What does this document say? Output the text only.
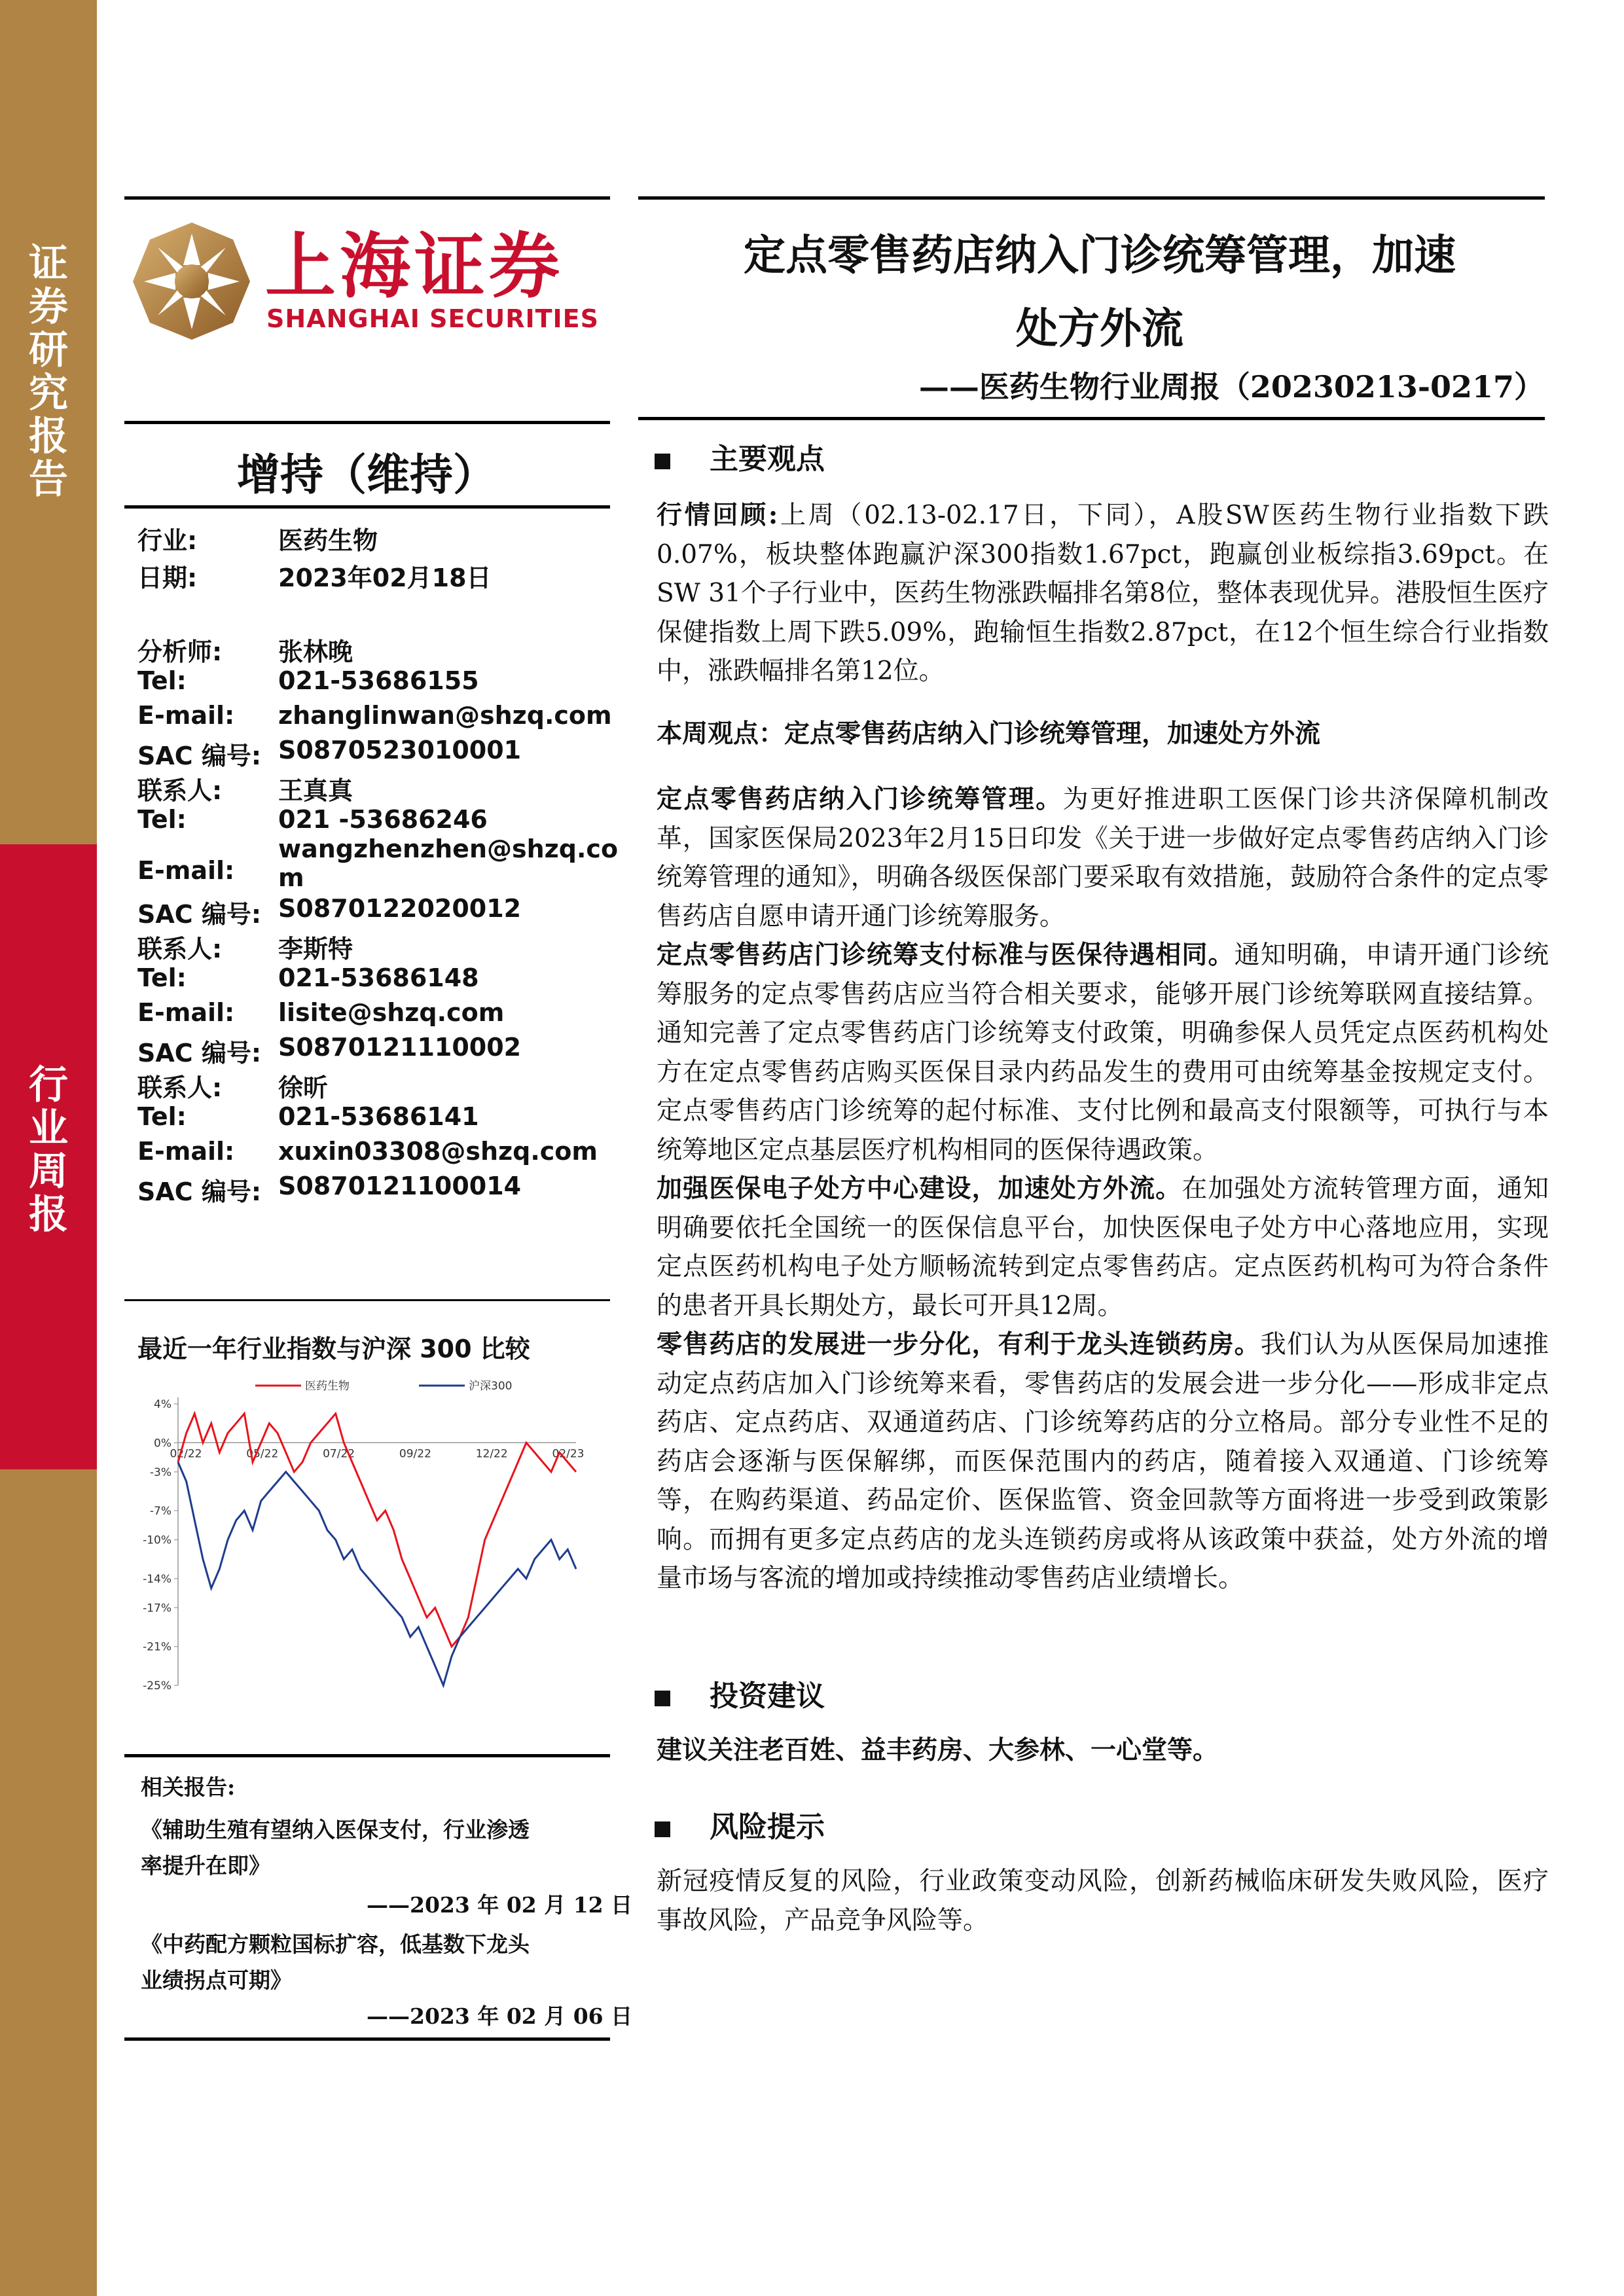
证
券
研
究
报
告
行
业
周
报
上海证券
SHANGHAI SECURITIES
定点零售药店纳入门诊统筹管理，加速
处方外流
——医药生物行业周报（20230213-0217）
增持（维持）
行业:	医药生物
日期:	2023年02月18日
分析师: 张林晚
Tel:	021-53686155
E-mail: zhanglinwan@shzq.com
SAC 编号: S0870523010001
联系人: 王真真
Tel:	021 -53686246
E-mail:
wangzhenzhen@shzq.co
m
SAC 编号: S0870122020012
联系人: 李斯特
Tel:	021-53686148
E-mail: lisite@shzq.com
SAC 编号: S0870121110002
联系人: 徐昕
Tel:	021-53686141
E-mail: xuxin03308@shzq.com
SAC 编号: S0870121100014
最近一年行业指数与沪深 300 比较
4%
0%
-3%
-7%
-10%
-14%
-17%
-21%
-25%
02/22	05/22	07/22	09/22	12/22	02/23
医药生物	沪深300
相关报告:
《辅助生殖有望纳入医保支付，行业渗透
率提升在即》
——2023 年 02 月 12 日
《中药配方颗粒国标扩容，低基数下龙头
业绩拐点可期》
——2023 年 02 月 06 日
主要观点

行情回顾:上周（02.13-02.17日，下同），A股SW医药生物行业指数下跌0.07%，板块整体跑赢沪深300指数1.67pct，跑赢创业板综指3.69pct。在SW 31个子行业中，医药生物涨跌幅排名第8位，整体表现优异。港股恒生医疗保健指数上周下跌5.09%，跑输恒生指数2.87pct，在12个恒生综合行业指数中，涨跌幅排名第12位。

本周观点：定点零售药店纳入门诊统筹管理，加速处方外流

定点零售药店纳入门诊统筹管理。为更好推进职工医保门诊共济保障机制改革，国家医保局2023年2月15日印发《关于进一步做好定点零售药店纳入门诊统筹管理的通知》，明确各级医保部门要采取有效措施，鼓励符合条件的定点零售药店自愿申请开通门诊统筹服务。

定点零售药店门诊统筹支付标准与医保待遇相同。通知明确，申请开通门诊统筹服务的定点零售药店应当符合相关要求，能够开展门诊统筹联网直接结算。通知完善了定点零售药店门诊统筹支付政策，明确参保人员凭定点医药机构处方在定点零售药店购买医保目录内药品发生的费用可由统筹基金按规定支付。定点零售药店门诊统筹的起付标准、支付比例和最高支付限额等，可执行与本统筹地区定点基层医疗机构相同的医保待遇政策。

加强医保电子处方中心建设，加速处方外流。在加强处方流转管理方面，通知明确要依托全国统一的医保信息平台，加快医保电子处方中心落地应用，实现定点医药机构电子处方顺畅流转到定点零售药店。定点医药机构可为符合条件的患者开具长期处方，最长可开具12周。

零售药店的发展进一步分化，有利于龙头连锁药房。我们认为从医保局加速推动定点药店加入门诊统筹来看，零售药店的发展会进一步分化——形成非定点药店、定点药店、双通道药店、门诊统筹药店的分立格局。部分专业性不足的药店会逐渐与医保解绑，而医保范围内的药店，随着接入双通道、门诊统筹等，在购药渠道、药品定价、医保监管、资金回款等方面将进一步受到政策影响。而拥有更多定点药店的龙头连锁药房或将从该政策中获益，处方外流的增量市场与客流的增加或持续推动零售药店业绩增长。

投资建议
建议关注老百姓、益丰药房、大参林、一心堂等。
风险提示
新冠疫情反复的风险，行业政策变动风险，创新药械临床研发失败风险，医疗事故风险，产品竞争风险等。
